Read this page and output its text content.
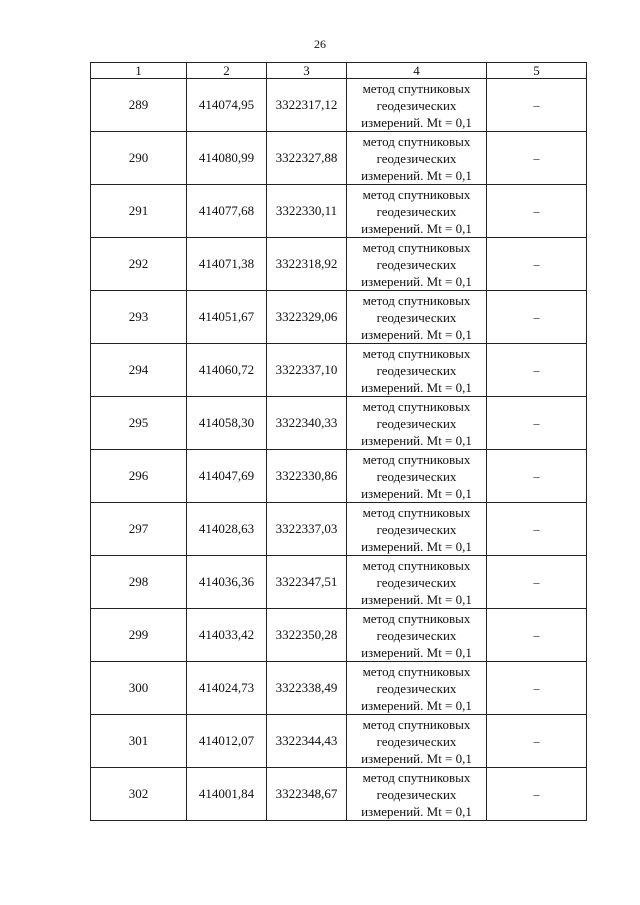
26
1	2	3	4	5
289	414074,95	3322317,12	метод спутниковых
геодезических
измерений. Mt = 0,1	–
290	414080,99	3322327,88	метод спутниковых
геодезических
измерений. Mt = 0,1	–
291	414077,68	3322330,11	метод спутниковых
геодезических
измерений. Mt = 0,1	–
292	414071,38	3322318,92	метод спутниковых
геодезических
измерений. Mt = 0,1	–
293	414051,67	3322329,06	метод спутниковых
геодезических
измерений. Mt = 0,1	–
294	414060,72	3322337,10	метод спутниковых
геодезических
измерений. Mt = 0,1	–
295	414058,30	3322340,33	метод спутниковых
геодезических
измерений. Mt = 0,1	–
296	414047,69	3322330,86	метод спутниковых
геодезических
измерений. Mt = 0,1	–
297	414028,63	3322337,03	метод спутниковых
геодезических
измерений. Mt = 0,1	–
298	414036,36	3322347,51	метод спутниковых
геодезических
измерений. Mt = 0,1	–
299	414033,42	3322350,28	метод спутниковых
геодезических
измерений. Mt = 0,1	–
300	414024,73	3322338,49	метод спутниковых
геодезических
измерений. Mt = 0,1	–
301	414012,07	3322344,43	метод спутниковых
геодезических
измерений. Mt = 0,1	–
302	414001,84	3322348,67	метод спутниковых
геодезических
измерений. Mt = 0,1	–
